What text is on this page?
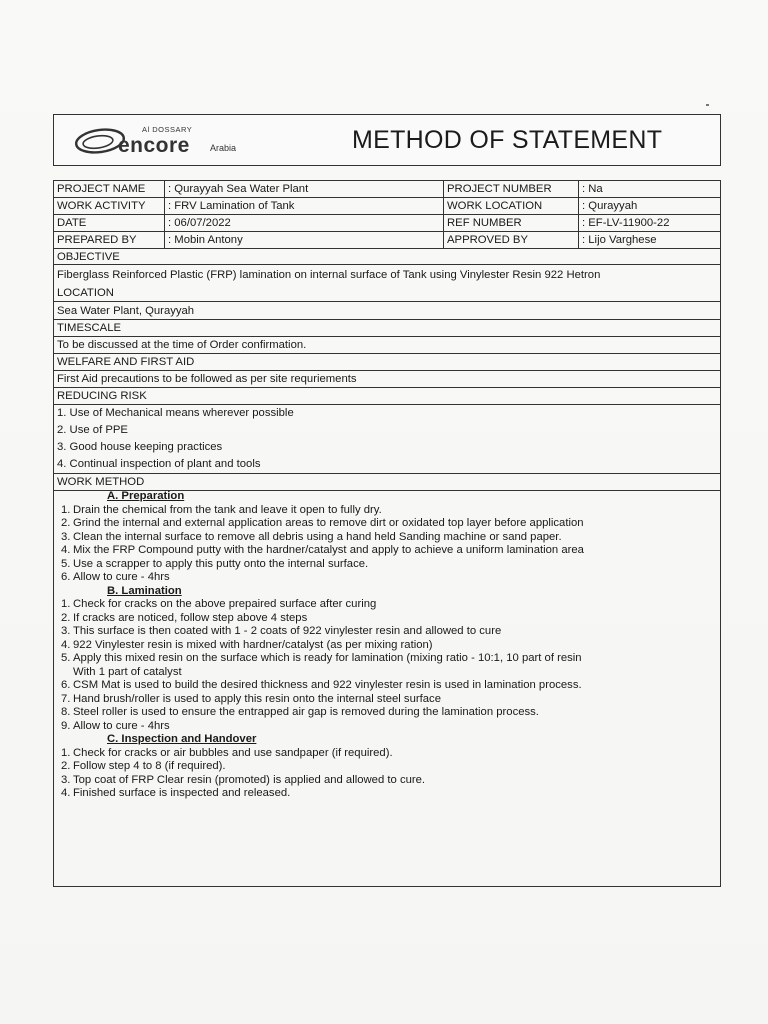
Al DOSSARY
encore Arabia	METHOD OF STATEMENT
PROJECT NAME	: Qurayyah Sea Water Plant	PROJECT NUMBER	: Na
WORK ACTIVITY	: FRV Lamination of Tank	WORK LOCATION	: Qurayyah
DATE	: 06/07/2022	REF NUMBER	: EF-LV-11900-22
PREPARED BY	: Mobin Antony	APPROVED BY	: Lijo Varghese
OBJECTIVE
Fiberglass Reinforced Plastic (FRP) lamination on internal surface of Tank using Vinylester Resin 922 Hetron
LOCATION
Sea Water Plant, Qurayyah
TIMESCALE
To be discussed at the time of Order confirmation.
WELFARE AND FIRST AID
First Aid precautions to be followed as per site requriements
REDUCING RISK
1. Use of Mechanical means wherever possible
2. Use of PPE
3. Good house keeping practices
4. Continual inspection of plant and tools
WORK METHOD
A. Preparation
1. Drain the chemical from the tank and leave it open to fully dry.
2. Grind the internal and external application areas to remove dirt or oxidated top layer before application
3. Clean the internal surface to remove all debris using a hand held Sanding machine or sand paper.
4. Mix the FRP Compound putty with the hardner/catalyst and apply to achieve a uniform lamination area
5. Use a scrapper to apply this putty onto the internal surface.
6. Allow to cure - 4hrs
B. Lamination
1. Check for cracks on the above prepaired surface after curing
2. If cracks are noticed, follow step above 4 steps
3. This surface is then coated with 1 - 2 coats of 922 vinylester resin and allowed to cure
4. 922 Vinylester resin is mixed with hardner/catalyst (as per mixing ration)
5. Apply this mixed resin on the surface which is ready for lamination (mixing ratio - 10:1, 10 part of resin
With 1 part of catalyst
6. CSM Mat is used to build the desired thickness and 922 vinylester resin is used in lamination process.
7. Hand brush/roller is used to apply this resin onto the internal steel surface
8. Steel roller is used to ensure the entrapped air gap is removed during the lamination process.
9. Allow to cure - 4hrs
C. Inspection and Handover
1. Check for cracks or air bubbles and use sandpaper (if required).
2. Follow step 4 to 8 (if required).
3. Top coat of FRP Clear resin (promoted) is applied and allowed to cure.
4. Finished surface is inspected and released.
